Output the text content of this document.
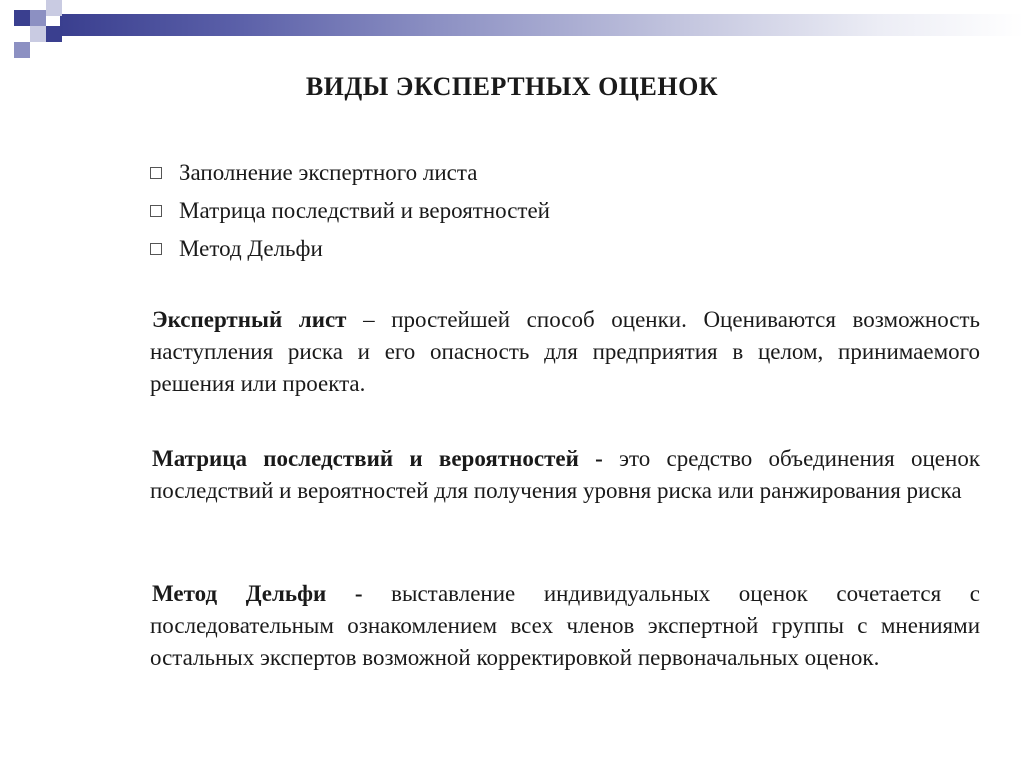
ВИДЫ ЭКСПЕРТНЫХ ОЦЕНОК
Заполнение экспертного листа
Матрица последствий и вероятностей
Метод Дельфи

Экспертный лист – простейшей способ оценки. Оцениваются возможность наступления риска и его опасность для предприятия в целом, принимаемого решения или проекта.

Матрица последствий и вероятностей - это средство объединения оценок последствий и вероятностей для получения уровня риска или ранжирования риска

Метод Дельфи - выставление индивидуальных оценок сочетается с последовательным ознакомлением всех членов экспертной группы с мнениями остальных экспертов возможной корректировкой первоначальных оценок.
